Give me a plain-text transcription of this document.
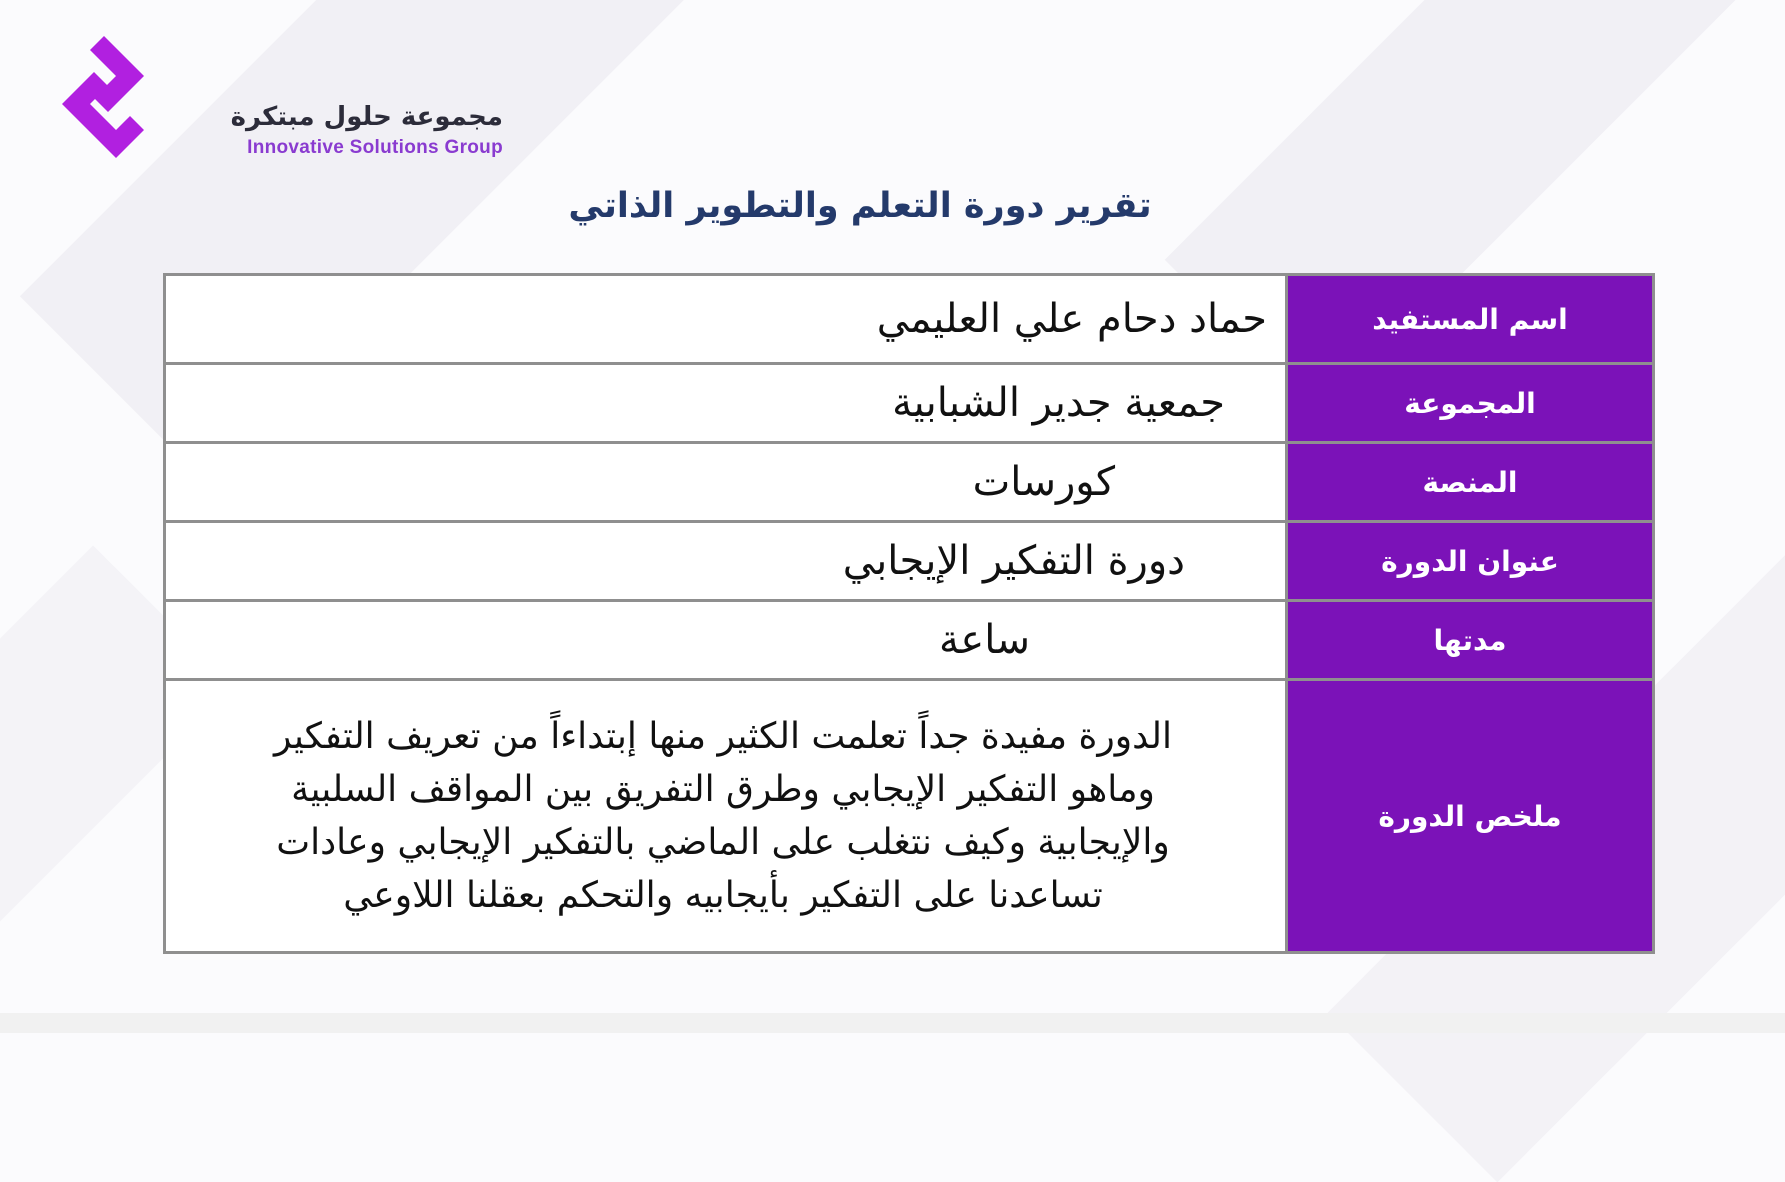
مجموعة حلول مبتكرة
Innovative Solutions Group
تقرير دورة التعلم والتطوير الذاتي
اسم المستفيد	حماد دحام علي العليمي
المجموعة	جمعية جدير الشبابية
المنصة	كورسات
عنوان الدورة	دورة التفكير الإيجابي
مدتها	ساعة
ملخص الدورة	الدورة مفيدة جداً تعلمت الكثير منها إبتداءاً من تعريف التفكير
وماهو التفكير الإيجابي وطرق التفريق بين المواقف السلبية
والإيجابية وكيف نتغلب على الماضي بالتفكير الإيجابي وعادات
تساعدنا على التفكير بأيجابيه والتحكم بعقلنا اللاوعي
